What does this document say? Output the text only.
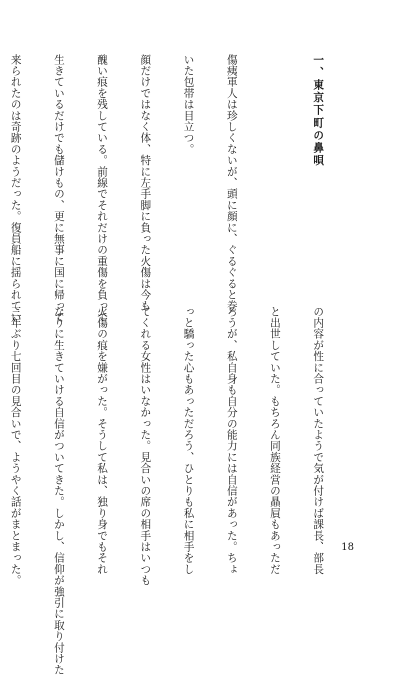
一、東京下町の鼻唄

傷痍軍人は珍しくないが、頭に顔に、ぐるぐると巻

いた包帯は目立つ。

顔だけではなく体、特に左手脚に負った火傷は今も

醜い痕を残している。前線でそれだけの重傷を負って

生きているだけでも儲けもの、更に無事に国に帰って

来られたのは奇跡のようだった。復員船に揺られてい

の内容が性に合っていたようで気が付けば課長、部長

と出世していた。もちろん同族経営の贔屓もあっただ

ろうが、私自身も自分の能力には自信があった。ちょ

っと驕った心もあっただろう、ひとりも私に相手をし

てくれる女性はいなかった。見合いの席の相手はいつも

火傷の痕を嫌がった。そうして私は、独り身でもそれ

なりに生きていける自信がついてきた。しかし、信仰が強引に取り付けた

三年ぶり七回目の見合いで、ようやく話がまとまった。

	18
